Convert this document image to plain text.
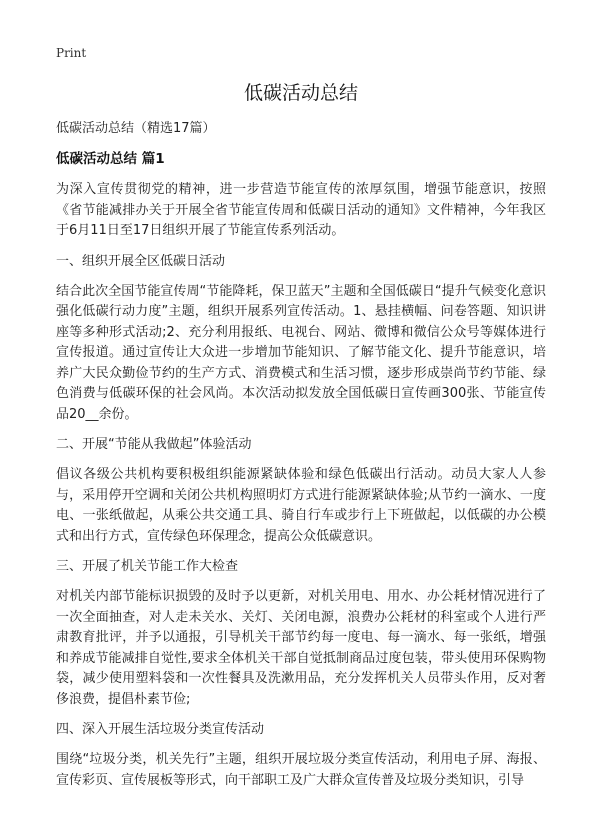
Print
低碳活动总结
低碳活动总结（精选17篇）
低碳活动总结 篇1

为深入宣传贯彻党的精神，进一步营造节能宣传的浓厚氛围，增强节能意识，按照《省节能减排办关于开展全省节能宣传周和低碳日活动的通知》文件精神，今年我区于6月11日至17日组织开展了节能宣传系列活动。

一、组织开展全区低碳日活动

结合此次全国节能宣传周“节能降耗，保卫蓝天”主题和全国低碳日“提升气候变化意识强化低碳行动力度”主题，组织开展系列宣传活动。1、悬挂横幅、问卷答题、知识讲座等多种形式活动;2、充分利用报纸、电视台、网站、微博和微信公众号等媒体进行宣传报道。通过宣传让大众进一步增加节能知识、了解节能文化、提升节能意识，培养广大民众勤俭节约的生产方式、消费模式和生活习惯，逐步形成崇尚节约节能、绿色消费与低碳环保的社会风尚。本次活动拟发放全国低碳日宣传画300张、节能宣传品20__余份。

二、开展“节能从我做起”体验活动

倡议各级公共机构要积极组织能源紧缺体验和绿色低碳出行活动。动员大家人人参与，采用停开空调和关闭公共机构照明灯方式进行能源紧缺体验;从节约一滴水、一度电、一张纸做起，从乘公共交通工具、骑自行车或步行上下班做起，以低碳的办公模式和出行方式，宣传绿色环保理念，提高公众低碳意识。

三、开展了机关节能工作大检查

对机关内部节能标识损毁的及时予以更新，对机关用电、用水、办公耗材情况进行了一次全面抽查，对人走未关水、关灯、关闭电源，浪费办公耗材的科室或个人进行严肃教育批评，并予以通报，引导机关干部节约每一度电、每一滴水、每一张纸，增强和养成节能减排自觉性,要求全体机关干部自觉抵制商品过度包装，带头使用环保购物袋，减少使用塑料袋和一次性餐具及洗漱用品，充分发挥机关人员带头作用，反对奢侈浪费，提倡朴素节俭;

四、深入开展生活垃圾分类宣传活动

围绕“垃圾分类，机关先行”主题，组织开展垃圾分类宣传活动，利用电子屏、海报、宣传彩页、宣传展板等形式，向干部职工及广大群众宣传普及垃圾分类知识，引导
